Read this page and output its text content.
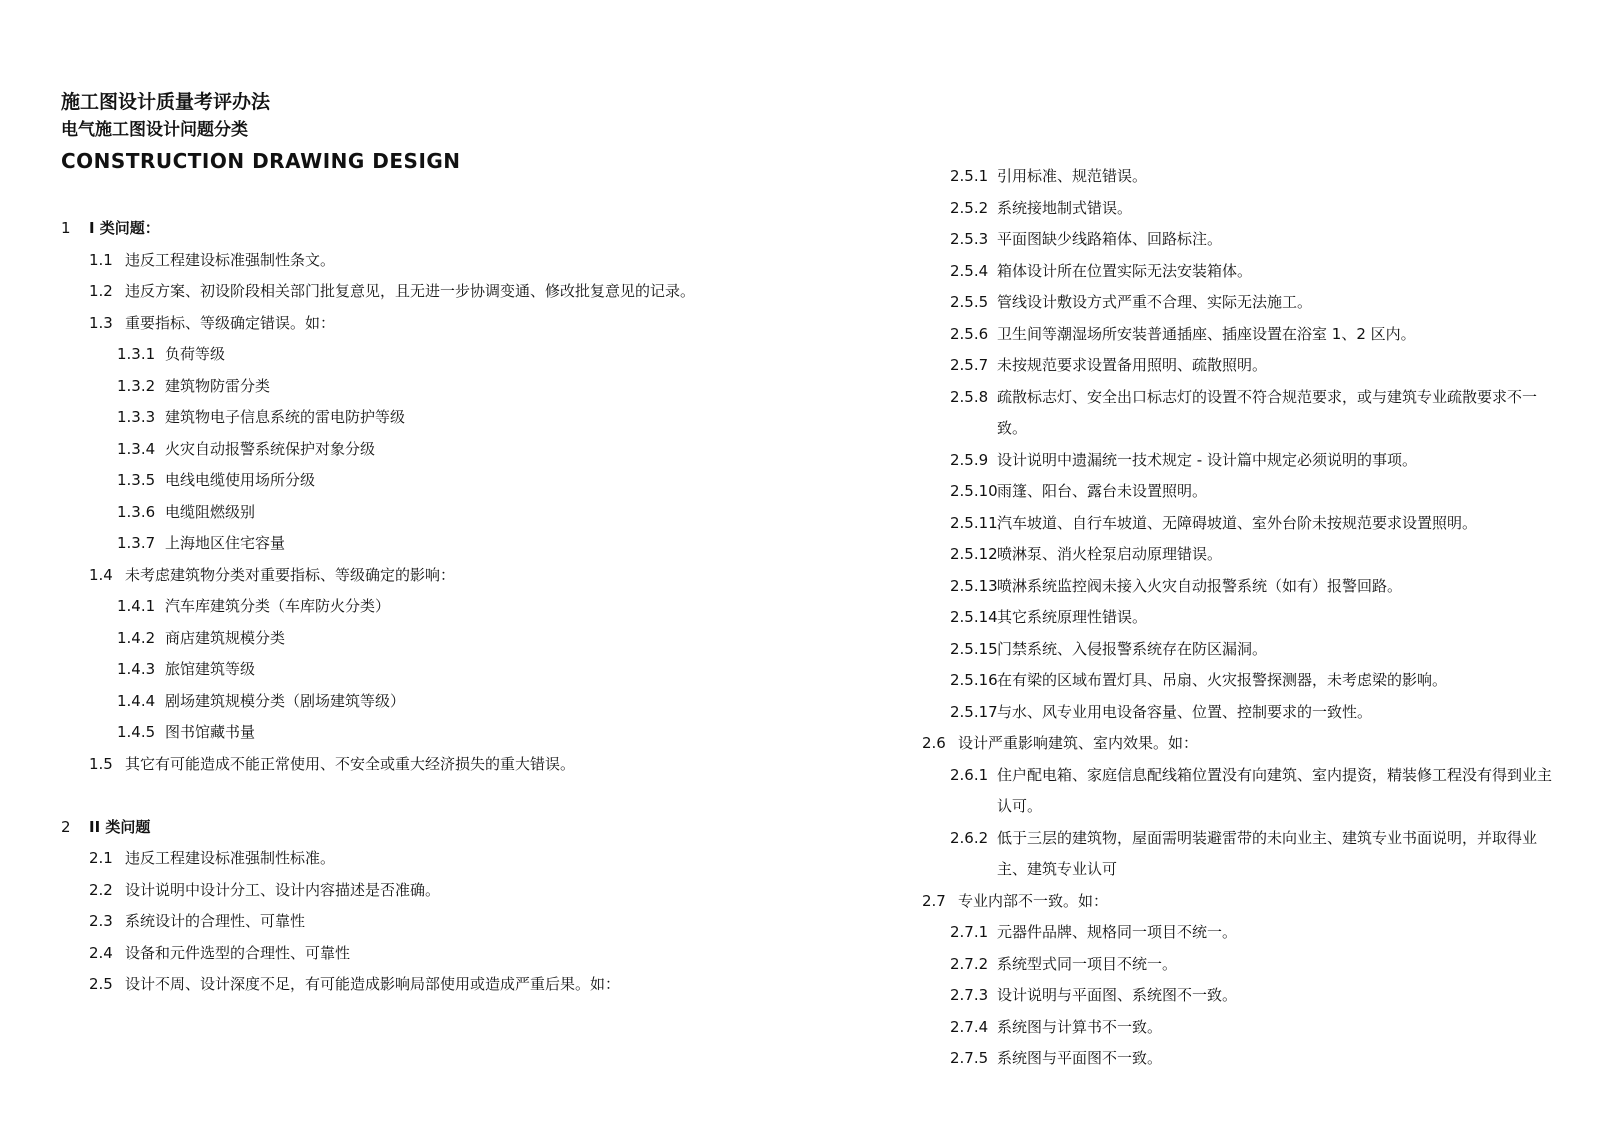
施工图设计质量考评办法
电气施工图设计问题分类
CONSTRUCTION DRAWING DESIGN
1	I 类问题：
1.1 违反工程建设标准强制性条文。
1.2 违反方案、初设阶段相关部门批复意见，且无进一步协调变通、修改批复意见的记录。
1.3 重要指标、等级确定错误。如：
1.3.1 负荷等级
1.3.2 建筑物防雷分类
1.3.3 建筑物电子信息系统的雷电防护等级
1.3.4 火灾自动报警系统保护对象分级
1.3.5 电线电缆使用场所分级
1.3.6 电缆阻燃级别
1.3.7 上海地区住宅容量
1.4 未考虑建筑物分类对重要指标、等级确定的影响：
1.4.1 汽车库建筑分类（车库防火分类）
1.4.2 商店建筑规模分类
1.4.3 旅馆建筑等级
1.4.4 剧场建筑规模分类（剧场建筑等级）
1.4.5 图书馆藏书量
1.5 其它有可能造成不能正常使用、不安全或重大经济损失的重大错误。
2	II 类问题
2.1 违反工程建设标准强制性标准。
2.2 设计说明中设计分工、设计内容描述是否准确。
2.3 系统设计的合理性、可靠性
2.4 设备和元件选型的合理性、可靠性
2.5 设计不周、设计深度不足，有可能造成影响局部使用或造成严重后果。如：
2.5.1 引用标准、规范错误。
2.5.2 系统接地制式错误。
2.5.3 平面图缺少线路箱体、回路标注。
2.5.4 箱体设计所在位置实际无法安装箱体。
2.5.5 管线设计敷设方式严重不合理、实际无法施工。
2.5.6 卫生间等潮湿场所安装普通插座、插座设置在浴室 1、2 区内。
2.5.7 未按规范要求设置备用照明、疏散照明。
2.5.8 疏散标志灯、安全出口标志灯的设置不符合规范要求，或与建筑专业疏散要求不一致。
2.5.9 设计说明中遗漏统一技术规定 - 设计篇中规定必须说明的事项。
2.5.10 雨篷、阳台、露台未设置照明。
2.5.11 汽车坡道、自行车坡道、无障碍坡道、室外台阶未按规范要求设置照明。
2.5.12 喷淋泵、消火栓泵启动原理错误。
2.5.13 喷淋系统监控阀未接入火灾自动报警系统（如有）报警回路。
2.5.14 其它系统原理性错误。
2.5.15 门禁系统、入侵报警系统存在防区漏洞。
2.5.16 在有梁的区域布置灯具、吊扇、火灾报警探测器，未考虑梁的影响。
2.5.17 与水、风专业用电设备容量、位置、控制要求的一致性。
2.6 设计严重影响建筑、室内效果。如：
2.6.1 住户配电箱、家庭信息配线箱位置没有向建筑、室内提资，精装修工程没有得到业主认可。
2.6.2 低于三层的建筑物，屋面需明装避雷带的未向业主、建筑专业书面说明，并取得业主、建筑专业认可
2.7 专业内部不一致。如：
2.7.1 元器件品牌、规格同一项目不统一。
2.7.2 系统型式同一项目不统一。
2.7.3 设计说明与平面图、系统图不一致。
2.7.4 系统图与计算书不一致。
2.7.5 系统图与平面图不一致。
